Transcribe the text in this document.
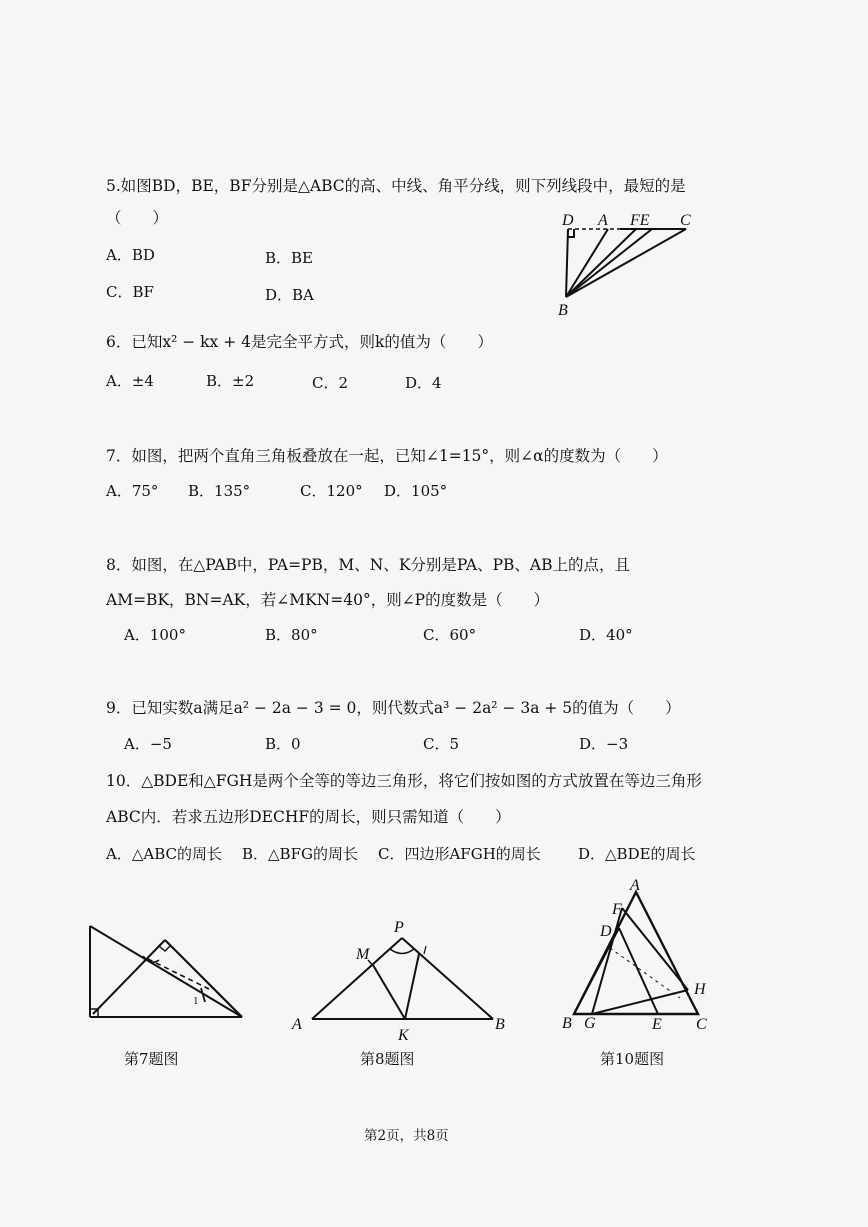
5.如图BD，BE，BF分别是△ABC的高、中线、角平分线，则下列线段中，最短的是
（　　）
A．BD	B．BE
C．BF	D．BA
D A FE C
B
6．已知x² − kx + 4是完全平方式，则k的值为（　　）
A．±4	B．±2	C．2	D．4
7．如图，把两个直角三角板叠放在一起，已知∠1=15°，则∠α的度数为（　　）
A．75° B．135°	C．120° D．105°
8．如图，在△PAB中，PA=PB，M、N、K分别是PA、PB、AB上的点，且
AM=BK，BN=AK，若∠MKN=40°，则∠P的度数是（　　）
A．100°	B．80°	C．60°	D．40°
9．已知实数a满足a² − 2a − 3 = 0，则代数式a³ − 2a² − 3a + 5的值为（　　）
A．−5	B．0	C．5	D．−3
10．△BDE和△FGH是两个全等的等边三角形，将它们按如图的方式放置在等边三角形
ABC内．若求五边形DECHF的周长，则只需知道（　　）
A．△ABC的周长 B．△BFG的周长 C．四边形AFGH的周长 D．△BDE的周长
1
第7题图
P
M
A
K
B
第8题图
A
F
D
H
B G	E C
第10题图
第2页，共8页
